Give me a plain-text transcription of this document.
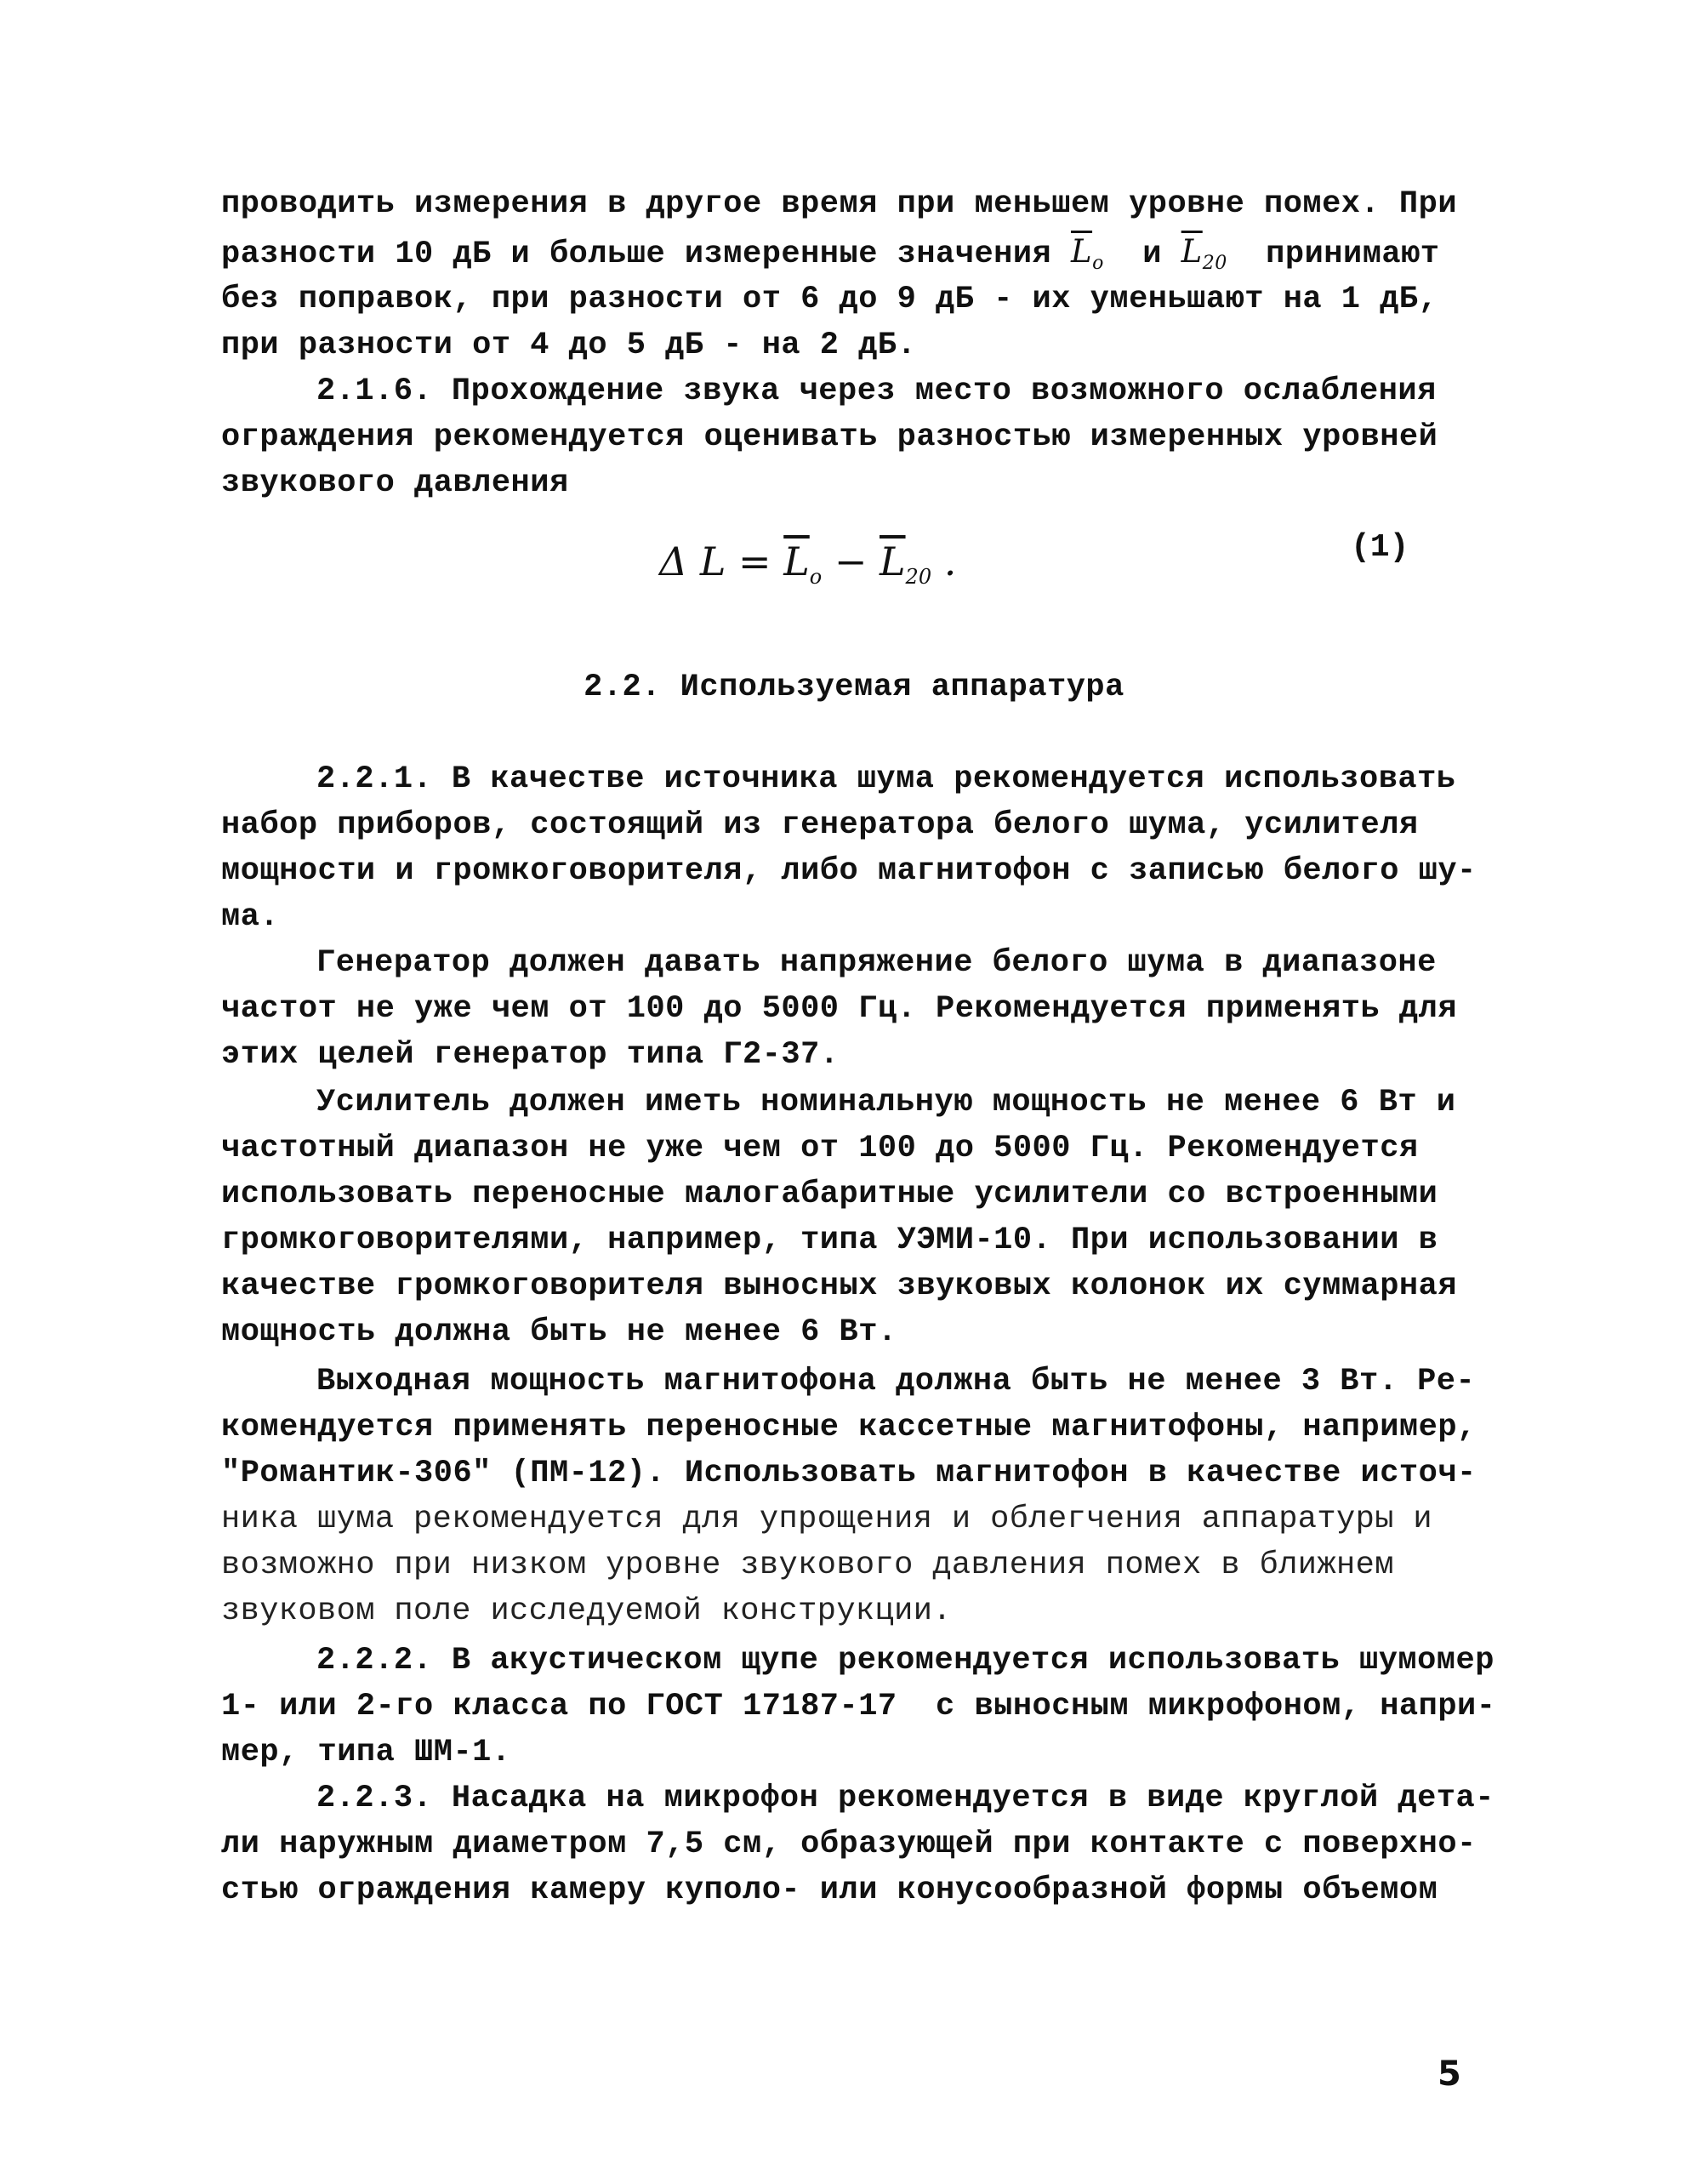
проводить измерения в другое время при меньшем уровне помех. При
разности 10 дБ и больше измеренные значения $\overline{L}_o$ и $\overline{L}_{20}$ принимают
без поправок, при разности от 6 до 9 дБ - их уменьшают на 1 дБ,
при разности от 4 до 5 дБ - на 2 дБ.
2.1.6. Прохождение звука через место возможного ослабления
ограждения рекомендуется оценивать разностью измеренных уровней
звукового давления
Δ $L = \overline{L}_o - \overline{L}_{20}$ .	(1)
2.2. Используемая аппаратура
2.2.1. В качестве источника шума рекомендуется использовать
набор приборов, состоящий из генератора белого шума, усилителя
мощности и громкоговорителя, либо магнитофон с записью белого шу-
ма.
Генератор должен давать напряжение белого шума в диапазоне
частот не уже чем от 100 до 5000 Гц. Рекомендуется применять для
этих целей генератор типа Г2-37.
Усилитель должен иметь номинальную мощность не менее 6 Вт и
частотный диапазон не уже чем от 100 до 5000 Гц. Рекомендуется
использовать переносные малогабаритные усилители со встроенными
громкоговорителями, например, типа УЭМИ-10. При использовании в
качестве громкоговорителя выносных звуковых колонок их суммарная
мощность должна быть не менее 6 Вт.
Выходная мощность магнитофона должна быть не менее 3 Вт. Ре-
комендуется применять переносные кассетные магнитофоны, например,
"Романтик-306" (ПМ-12). Использовать магнитофон в качестве источ-
ника шума рекомендуется для упрощения и облегчения аппаратуры и
возможно при низком уровне звукового давления помех в ближнем
звуковом поле исследуемой конструкции.
2.2.2. В акустическом щупе рекомендуется использовать шумомер
1- или 2-го класса по ГОСТ 17187-17  с выносным микрофоном, напри-
мер, типа ШМ-1.
2.2.3. Насадка на микрофон рекомендуется в виде круглой дета-
ли наружным диаметром 7,5 см, образующей при контакте с поверхно-
стью ограждения камеру куполо- или конусообразной формы объемом
5
